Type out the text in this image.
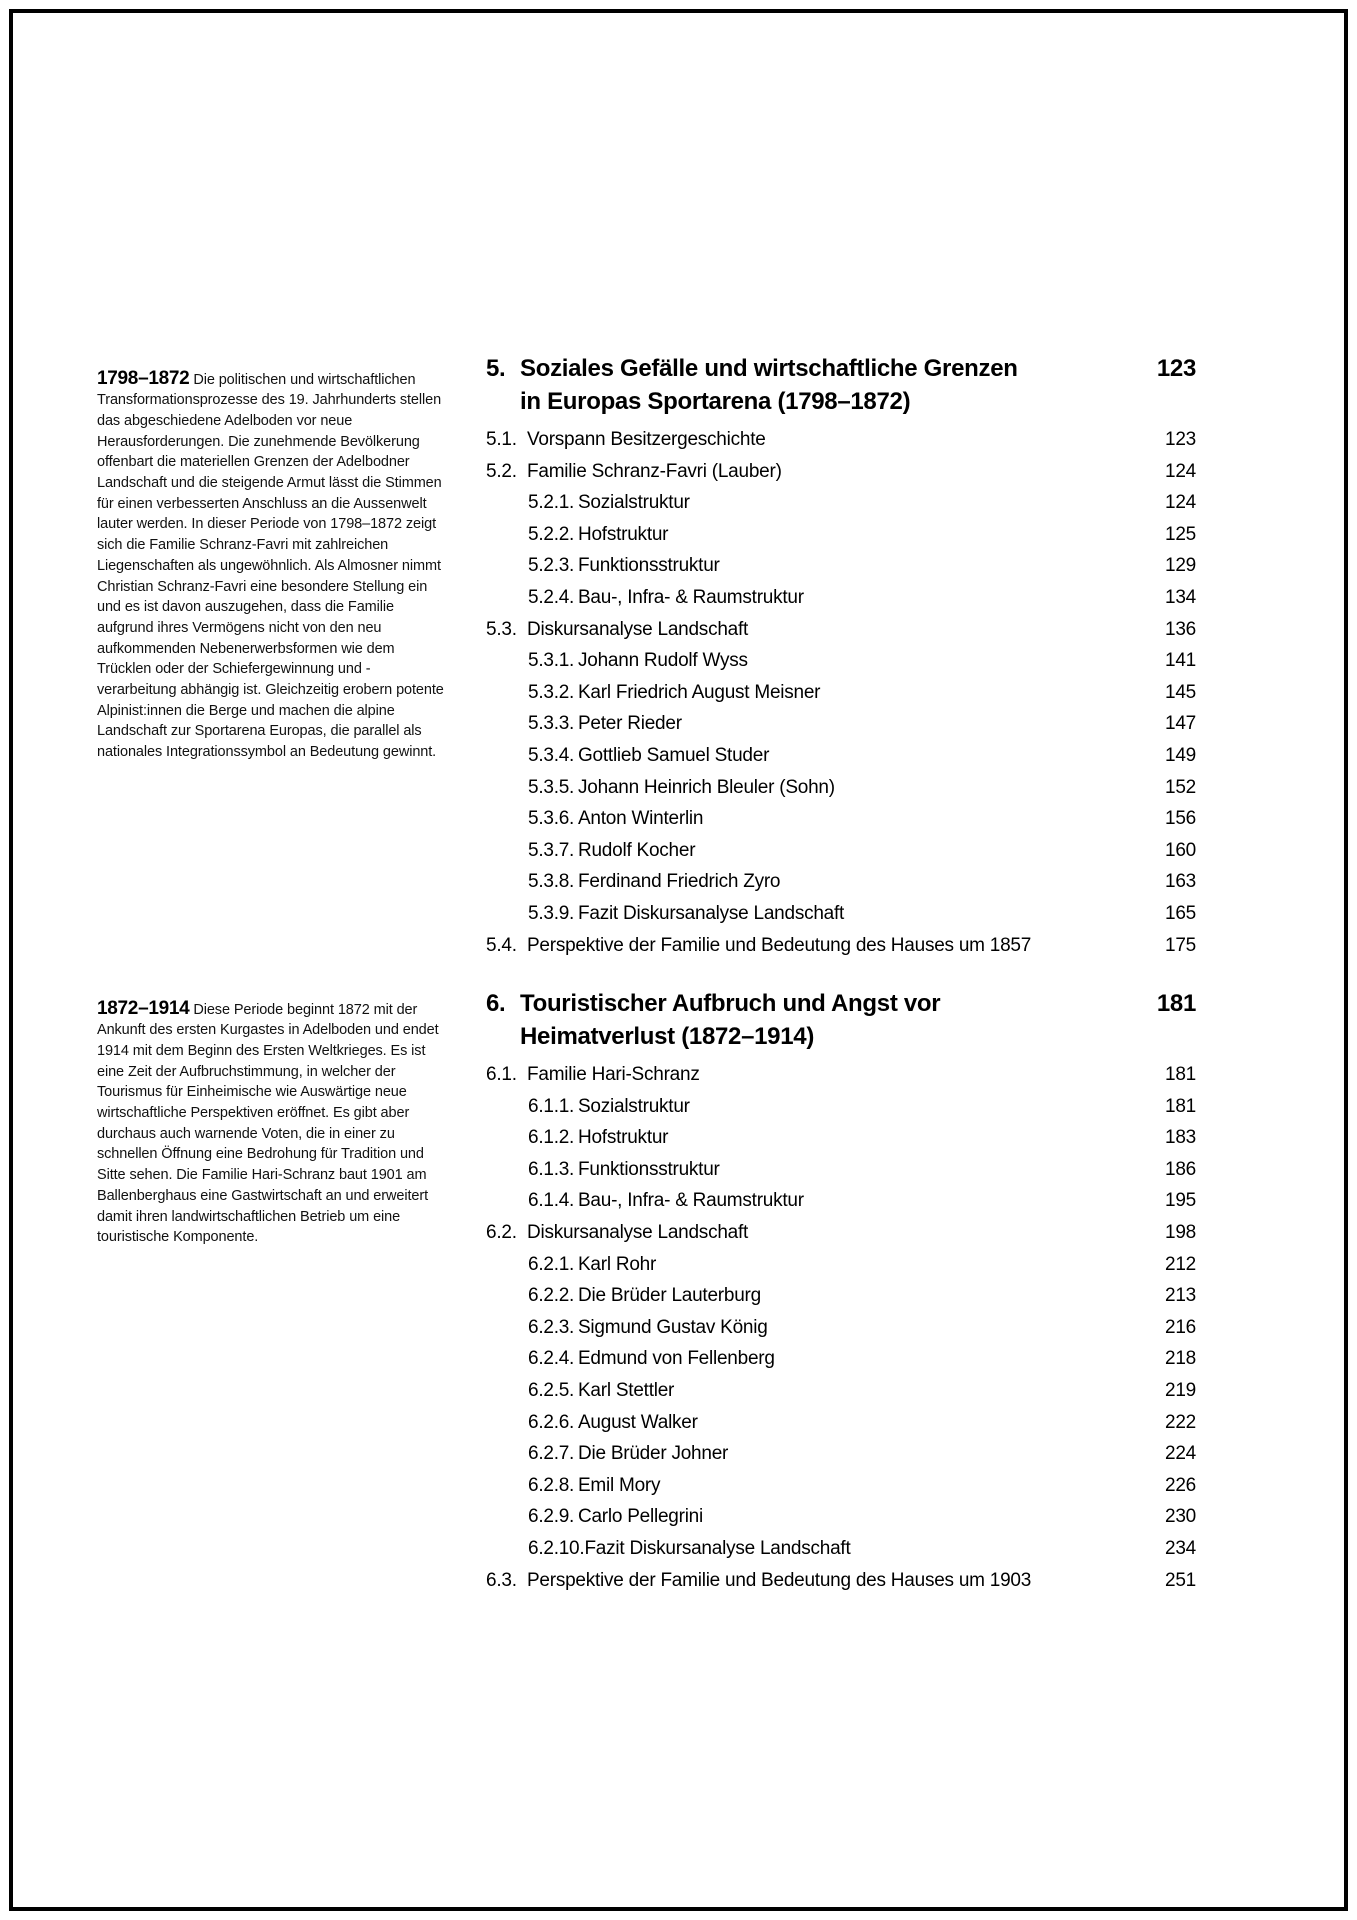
1798–1872 Die politischen und wirtschaftlichen Transformationsprozesse des 19. Jahrhunderts stellen das abgeschiedene Adelboden vor neue Herausforderungen. Die zunehmende Bevölkerung offenbart die materiellen Grenzen der Adelbodner Landschaft und die steigende Armut lässt die Stimmen für einen verbesserten Anschluss an die Aussenwelt lauter werden. In dieser Periode von 1798–1872 zeigt sich die Familie Schranz-Favri mit zahlreichen Liegenschaften als ungewöhnlich. Als Almosner nimmt Christian Schranz-Favri eine besondere Stellung ein und es ist davon auszugehen, dass die Familie aufgrund ihres Vermögens nicht von den neu aufkommenden Nebenerwerbsformen wie dem Trücklen oder der Schiefergewinnung und -verarbeitung abhängig ist. Gleichzeitig erobern potente Alpinist:innen die Berge und machen die alpine Landschaft zur Sportarena Europas, die parallel als nationales Integrationssymbol an Bedeutung gewinnt.

1872–1914 Diese Periode beginnt 1872 mit der Ankunft des ersten Kurgastes in Adelboden und endet 1914 mit dem Beginn des Ersten Weltkrieges. Es ist eine Zeit der Aufbruchstimmung, in welcher der Tourismus für Einheimische wie Auswärtige neue wirtschaftliche Perspektiven eröffnet. Es gibt aber durchaus auch warnende Voten, die in einer zu schnellen Öffnung eine Bedrohung für Tradition und Sitte sehen. Die Familie Hari-Schranz baut 1901 am Ballenberghaus eine Gastwirtschaft an und erweitert damit ihren landwirtschaftlichen Betrieb um eine touristische Komponente.

5. Soziales Gefälle und wirtschaftliche Grenzen
in Europas Sportarena (1798–1872)
123
5.1. Vorspann Besitzergeschichte	123
5.2. Familie Schranz-Favri (Lauber)	124
5.2.1. Sozialstruktur	124
5.2.2. Hofstruktur	125
5.2.3. Funktionsstruktur	129
5.2.4. Bau-, Infra- & Raumstruktur	134
5.3. Diskursanalyse Landschaft	136
5.3.1. Johann Rudolf Wyss	141
5.3.2. Karl Friedrich August Meisner	145
5.3.3. Peter Rieder	147
5.3.4. Gottlieb Samuel Studer	149
5.3.5. Johann Heinrich Bleuler (Sohn)	152
5.3.6. Anton Winterlin	156
5.3.7. Rudolf Kocher	160
5.3.8. Ferdinand Friedrich Zyro	163
5.3.9. Fazit Diskursanalyse Landschaft	165
5.4. Perspektive der Familie und Bedeutung des Hauses um 1857	175
6. Touristischer Aufbruch und Angst vor
Heimatverlust (1872–1914)
181
6.1. Familie Hari-Schranz	181
6.1.1. Sozialstruktur	181
6.1.2. Hofstruktur	183
6.1.3. Funktionsstruktur	186
6.1.4. Bau-, Infra- & Raumstruktur	195
6.2. Diskursanalyse Landschaft	198
6.2.1. Karl Rohr	212
6.2.2. Die Brüder Lauterburg	213
6.2.3. Sigmund Gustav König	216
6.2.4. Edmund von Fellenberg	218
6.2.5. Karl Stettler	219
6.2.6. August Walker	222
6.2.7. Die Brüder Johner	224
6.2.8. Emil Mory	226
6.2.9. Carlo Pellegrini	230
6.2.10. Fazit Diskursanalyse Landschaft	234
6.3. Perspektive der Familie und Bedeutung des Hauses um 1903	251
